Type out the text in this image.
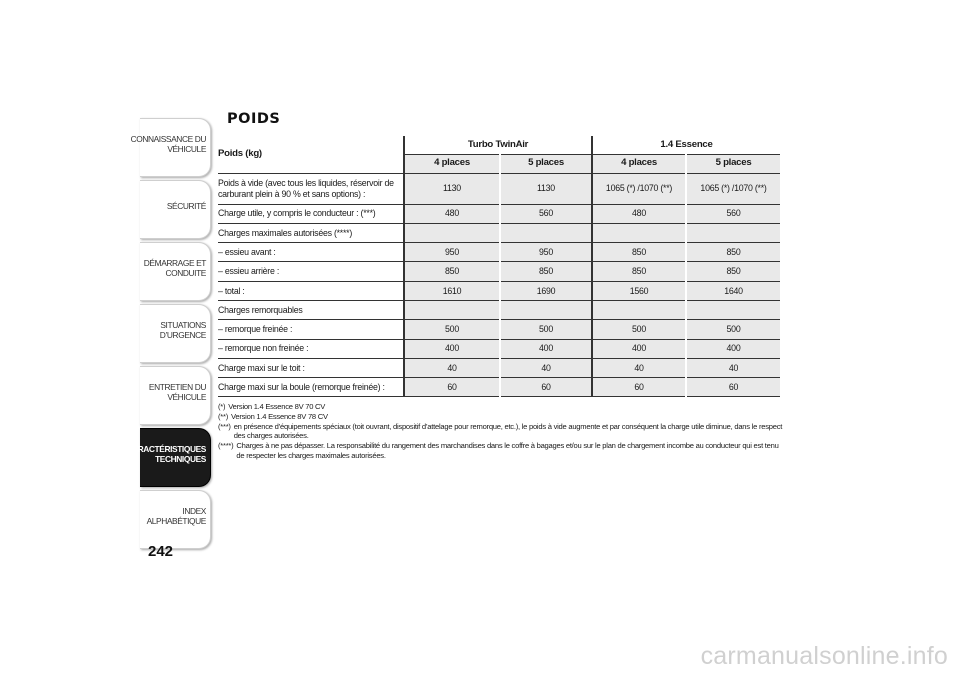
CONNAISSANCE DU
VÉHICULE
SÉCURITÉ
DÉMARRAGE ET
CONDUITE
SITUATIONS
D’URGENCE
ENTRETIEN DU
VÉHICULE
CARACTÉRISTIQUES
TECHNIQUES
INDEX
ALPHABÉTIQUE
242
POIDS
Poids (kg)	Turbo TwinAir		1.4 Essence	
	4 places	5 places	4 places	5 places
Poids à vide (avec tous les liquides, réservoir de carburant plein à 90 % et sans options) :	1130	1130	1065 (*) /1070 (**)	1065 (*) /1070 (**)
Charge utile, y compris le conducteur : (***)	480	560	480	560
Charges maximales autorisées (****)				
– essieu avant :	950	950	850	850
– essieu arrière :	850	850	850	850
– total :	1610	1690	1560	1640
Charges remorquables				
– remorque freinée :	500	500	500	500
– remorque non freinée :	400	400	400	400
Charge maxi sur le toit :	40	40	40	40
Charge maxi sur la boule (remorque freinée) :	60	60	60	60
(*) Version 1.4 Essence 8V 70 CV
(**) Version 1.4 Essence 8V 78 CV
(***) en présence d’équipements spéciaux (toit ouvrant, dispositif d’attelage pour remorque, etc.), le poids à vide augmente et par conséquent la charge utile diminue, dans le respect des charges autorisées.
(****) Charges à ne pas dépasser. La responsabilité du rangement des marchandises dans le coffre à bagages et/ou sur le plan de chargement incombe au conducteur qui est tenu de respecter les charges maximales autorisées.
carmanualsonline.info
